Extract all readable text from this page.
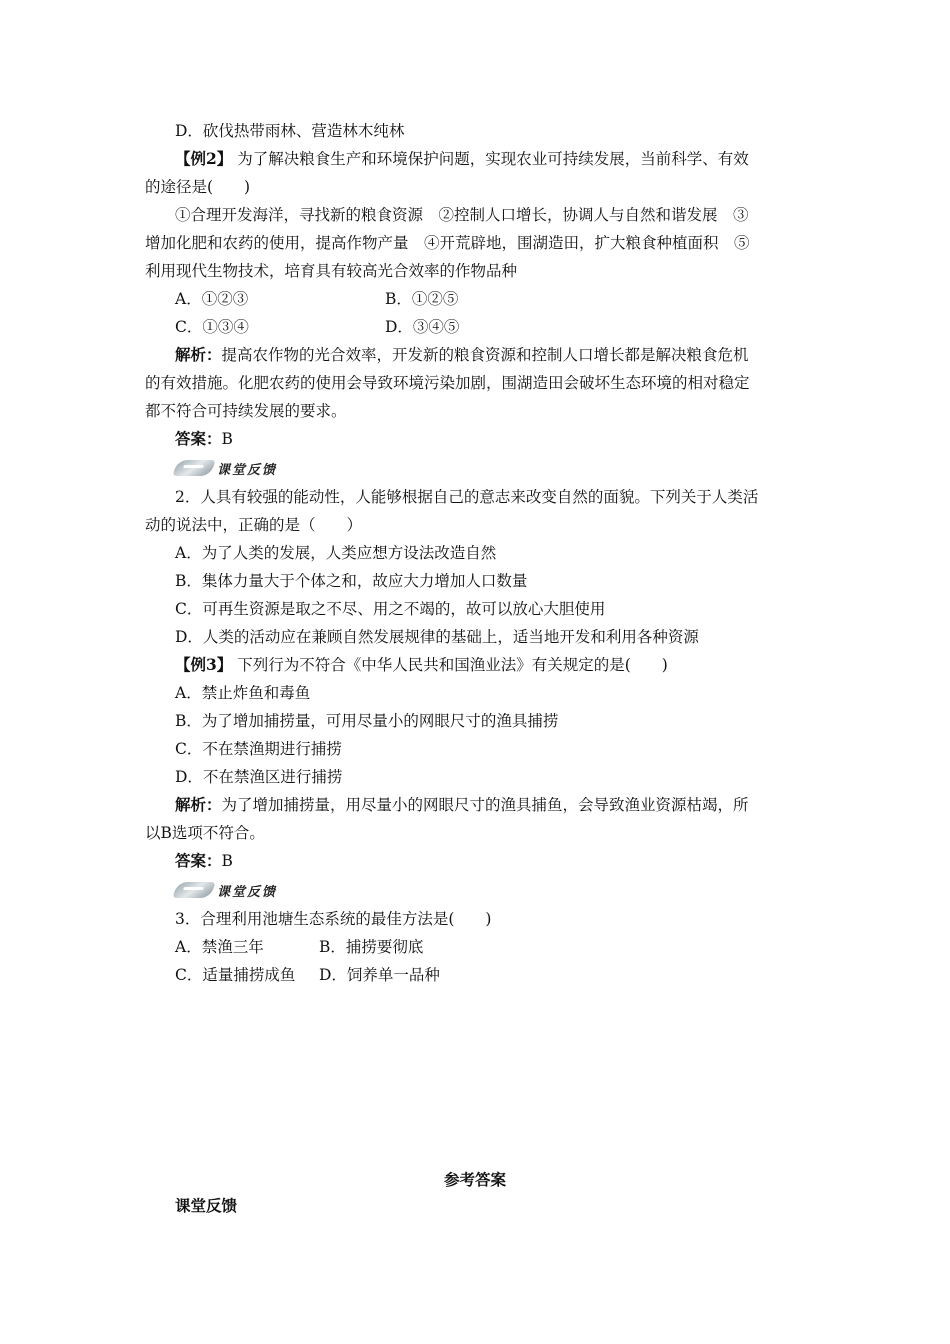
D．砍伐热带雨林、营造林木纯林
【例2】 为了解决粮食生产和环境保护问题，实现农业可持续发展，当前科学、有效
的途径是(　　)
①合理开发海洋，寻找新的粮食资源　②控制人口增长，协调人与自然和谐发展　③
增加化肥和农药的使用，提高作物产量　④开荒辟地，围湖造田，扩大粮食种植面积　⑤
利用现代生物技术，培育具有较高光合效率的作物品种
A．①②③	B．①②⑤
C．①③④	D．③④⑤
解析：提高农作物的光合效率，开发新的粮食资源和控制人口增长都是解决粮食危机
的有效措施。化肥农药的使用会导致环境污染加剧，围湖造田会破坏生态环境的相对稳定
都不符合可持续发展的要求。
答案：B
课堂反馈
2．人具有较强的能动性，人能够根据自己的意志来改变自然的面貌。下列关于人类活
动的说法中，正确的是（　　）
A．为了人类的发展，人类应想方设法改造自然
B．集体力量大于个体之和，故应大力增加人口数量
C．可再生资源是取之不尽、用之不竭的，故可以放心大胆使用
D．人类的活动应在兼顾自然发展规律的基础上，适当地开发和利用各种资源
【例3】 下列行为不符合《中华人民共和国渔业法》有关规定的是(　　)
A．禁止炸鱼和毒鱼
B．为了增加捕捞量，可用尽量小的网眼尺寸的渔具捕捞
C．不在禁渔期进行捕捞
D．不在禁渔区进行捕捞
解析：为了增加捕捞量，用尽量小的网眼尺寸的渔具捕鱼，会导致渔业资源枯竭，所
以B选项不符合。
答案：B
课堂反馈
3．合理利用池塘生态系统的最佳方法是(　　)
A．禁渔三年	B．捕捞要彻底
C．适量捕捞成鱼 D．饲养单一品种
参考答案
课堂反馈
